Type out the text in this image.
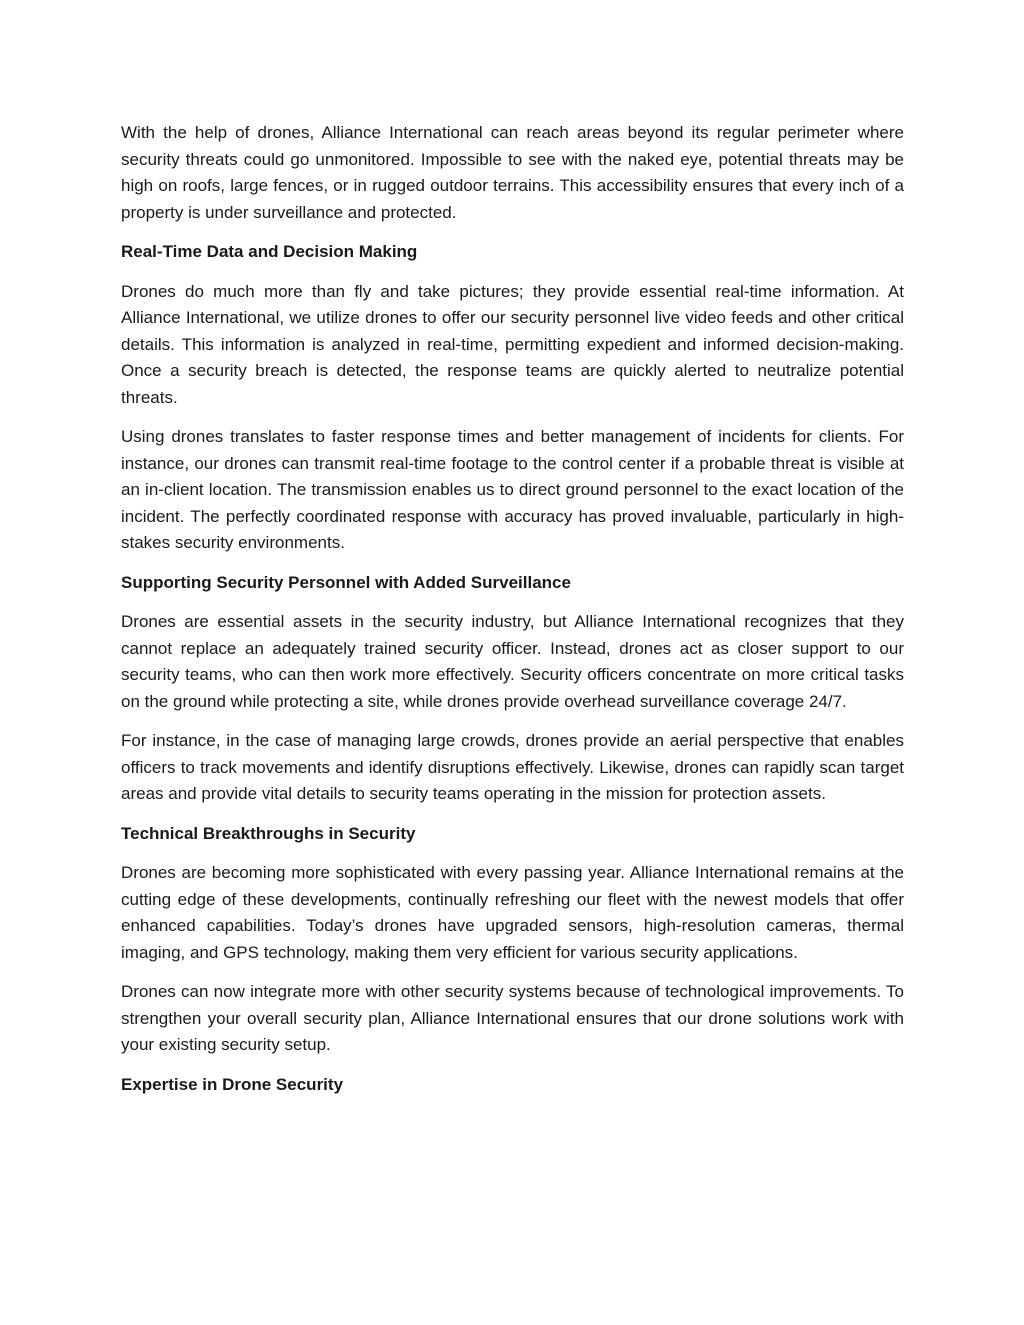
With the help of drones, Alliance International can reach areas beyond its regular perimeter where security threats could go unmonitored. Impossible to see with the naked eye, potential threats may be high on roofs, large fences, or in rugged outdoor terrains. This accessibility ensures that every inch of a property is under surveillance and protected.

Real-Time Data and Decision Making

Drones do much more than fly and take pictures; they provide essential real-time information. At Alliance International, we utilize drones to offer our security personnel live video feeds and other critical details. This information is analyzed in real-time, permitting expedient and informed decision-making. Once a security breach is detected, the response teams are quickly alerted to neutralize potential threats.

Using drones translates to faster response times and better management of incidents for clients. For instance, our drones can transmit real-time footage to the control center if a probable threat is visible at an in-client location. The transmission enables us to direct ground personnel to the exact location of the incident. The perfectly coordinated response with accuracy has proved invaluable, particularly in high-stakes security environments.

Supporting Security Personnel with Added Surveillance

Drones are essential assets in the security industry, but Alliance International recognizes that they cannot replace an adequately trained security officer. Instead, drones act as closer support to our security teams, who can then work more effectively. Security officers concentrate on more critical tasks on the ground while protecting a site, while drones provide overhead surveillance coverage 24/7.

For instance, in the case of managing large crowds, drones provide an aerial perspective that enables officers to track movements and identify disruptions effectively. Likewise, drones can rapidly scan target areas and provide vital details to security teams operating in the mission for protection assets.

Technical Breakthroughs in Security

Drones are becoming more sophisticated with every passing year. Alliance International remains at the cutting edge of these developments, continually refreshing our fleet with the newest models that offer enhanced capabilities. Today’s drones have upgraded sensors, high-resolution cameras, thermal imaging, and GPS technology, making them very efficient for various security applications.

Drones can now integrate more with other security systems because of technological improvements. To strengthen your overall security plan, Alliance International ensures that our drone solutions work with your existing security setup.

Expertise in Drone Security
